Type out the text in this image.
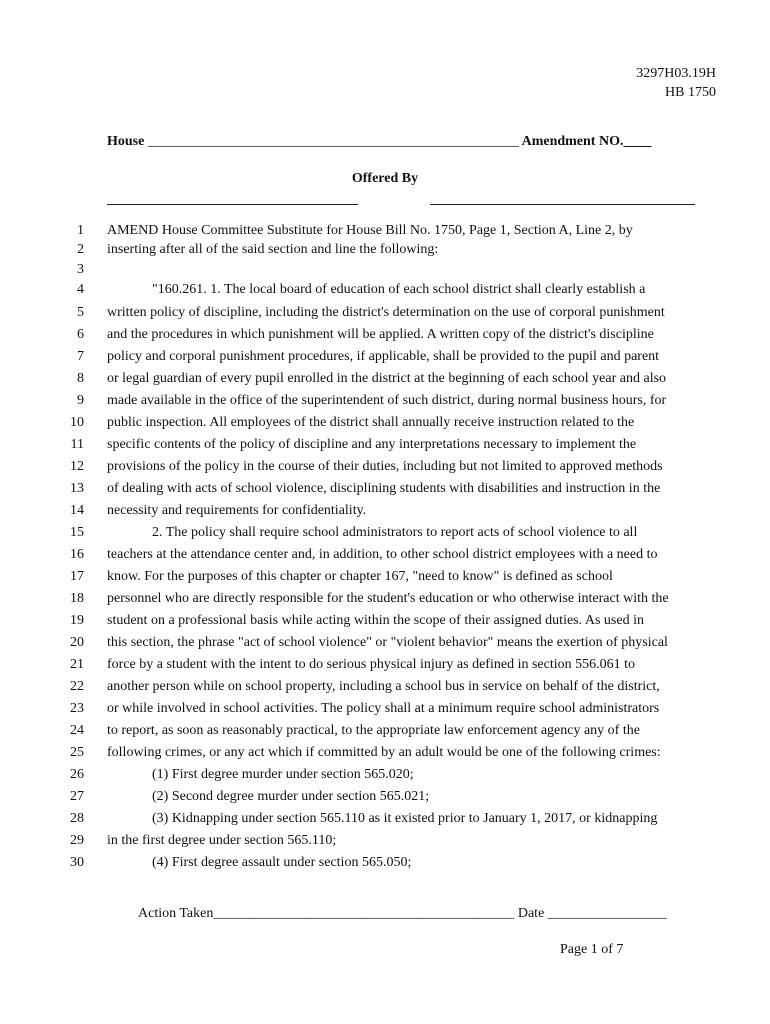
3297H03.19H
HB 1750
House _____________________________________________________ Amendment NO.____
Offered By
1 AMEND House Committee Substitute for House Bill No. 1750, Page 1, Section A, Line 2, by
2 inserting after all of the said section and line the following:
3
4	"160.261. 1. The local board of education of each school district shall clearly establish a
5 written policy of discipline, including the district's determination on the use of corporal punishment
6 and the procedures in which punishment will be applied. A written copy of the district's discipline
7 policy and corporal punishment procedures, if applicable, shall be provided to the pupil and parent
8 or legal guardian of every pupil enrolled in the district at the beginning of each school year and also
9 made available in the office of the superintendent of such district, during normal business hours, for
10 public inspection. All employees of the district shall annually receive instruction related to the
11 specific contents of the policy of discipline and any interpretations necessary to implement the
12 provisions of the policy in the course of their duties, including but not limited to approved methods
13 of dealing with acts of school violence, disciplining students with disabilities and instruction in the
14 necessity and requirements for confidentiality.
15	2. The policy shall require school administrators to report acts of school violence to all
16 teachers at the attendance center and, in addition, to other school district employees with a need to
17 know. For the purposes of this chapter or chapter 167, "need to know" is defined as school
18 personnel who are directly responsible for the student's education or who otherwise interact with the
19 student on a professional basis while acting within the scope of their assigned duties. As used in
20 this section, the phrase "act of school violence" or "violent behavior" means the exertion of physical
21 force by a student with the intent to do serious physical injury as defined in section 556.061 to
22 another person while on school property, including a school bus in service on behalf of the district,
23 or while involved in school activities. The policy shall at a minimum require school administrators
24 to report, as soon as reasonably practical, to the appropriate law enforcement agency any of the
25 following crimes, or any act which if committed by an adult would be one of the following crimes:
26	(1) First degree murder under section 565.020;
27	(2) Second degree murder under section 565.021;
28	(3) Kidnapping under section 565.110 as it existed prior to January 1, 2017, or kidnapping
29 in the first degree under section 565.110;
30	(4) First degree assault under section 565.050;
Action Taken___________________________________________ Date _________________
Page 1 of 7
